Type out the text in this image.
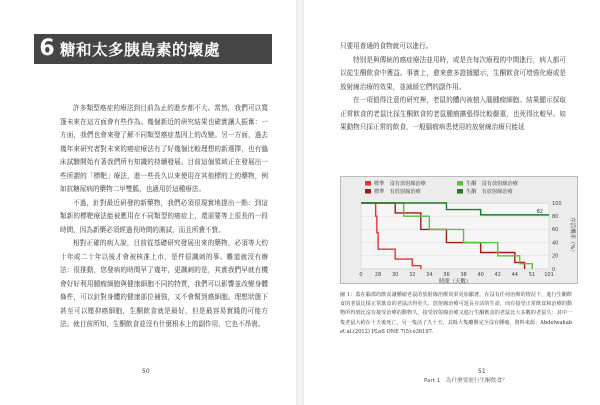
6 糖和太多胰島素的壞處

許多類型癌症的療法到目前為止的進步都不大。當然，我們可以寬篷未來在這方面會有些作為。幾個新近的研究結果也確實讓人振奮：一方面，我們也會來發了解不同類型癌症基因上的改變。另一方面，過去幾年來研究者對未來的癌症療法有了好幾個比較理想的新選擇，也有臨床試驗開始有著我們所有知識的持續發展。目前這個領域正在發展出一些所謂的「標靶」療法，進一些長久以來使用在其他標的上的藥物，例如抗糖尿病的藥物二甲雙胍，也適用於這種療法。

不過，針對最近研發的新藥物，我們必須很現實地提出一點：到這類新的標靶療法能被應用在不同類型的癌症上，還需要等上很長的一段時間，因為新藥必須經過長時間的測試，而且所費不貲。

相對正確的病人說，目前從基礎研究發展出來的藥物，必須等大約十年或二十年以後才會被核准上市，是件很諷刺的事。難道就沒有辦法：很推動，您發病的時間早了幾年，更諷刺的是，其實我們早就有機會好好利用腫瘤細胞與健康細胞不同的特質，我們可以影響並改變身體條件，可以針對身體的健康部位補強，又不會幫到癌細胞。理想狀態下甚至可以壓抑癌細胞，生酮飲食就是最好，但是最容易實踐的可能方法。就目前所知，生酮飲食並沒有什麼根本上的副作用，它也不昂貴。

50

只要用普通的食物就可以進行。

特別是與傳統的癌症療法並用時，或是在每次療程的中間進行，病人都可以從生酮飲食中獲益。事實上，愈來愈多證據顯示，生酮飲食可增強化療或是放射線治療的效果，並減緩它們的副作用。

在一項值得注意的研究裡，老鼠的體內被植入腦腫瘤細胞。結果顯示採取正常飲食的老鼠比採生酮飲食的老鼠腫瘤擴張得比較嚴重，也死得比較早。如果動物只採正常的飲食，一般腦瘤病患使用的放射線治療只能延

0
20
40
60
80
100
0 28 30 32 34 36 38 40 42 44 51 101
時間（天數）
存活機率（%）
82
標準　沒有放射線治療
標準　有放射線治療
生酮　沒有放射線治療
生酮　有放射線治療
圖 1：蓋在腦部的飲食讓腫瘤老鼠的放射線治療效果更加顯著。在沒有任何治療的情況下，進行生酮飲食的老鼠比採正常飲食的老鼠活得更久。放射線治療可延長存活的生命，而有接受正常飲食和治療的動物所得到比沒有接受治療的動物久。接受放射線治療又進行生酮飲食的老鼠比大多數的老鼠久：其中一隻老鼠大約在十天後死亡，另一隻活了九十天，其餘大隻離開完全沒有腫瘤。資料來源：Abdelwahab et al.(2012) PLoS ONE 7(5):e36197.
51
Part 1　為什麼要進行生酮飲食？
